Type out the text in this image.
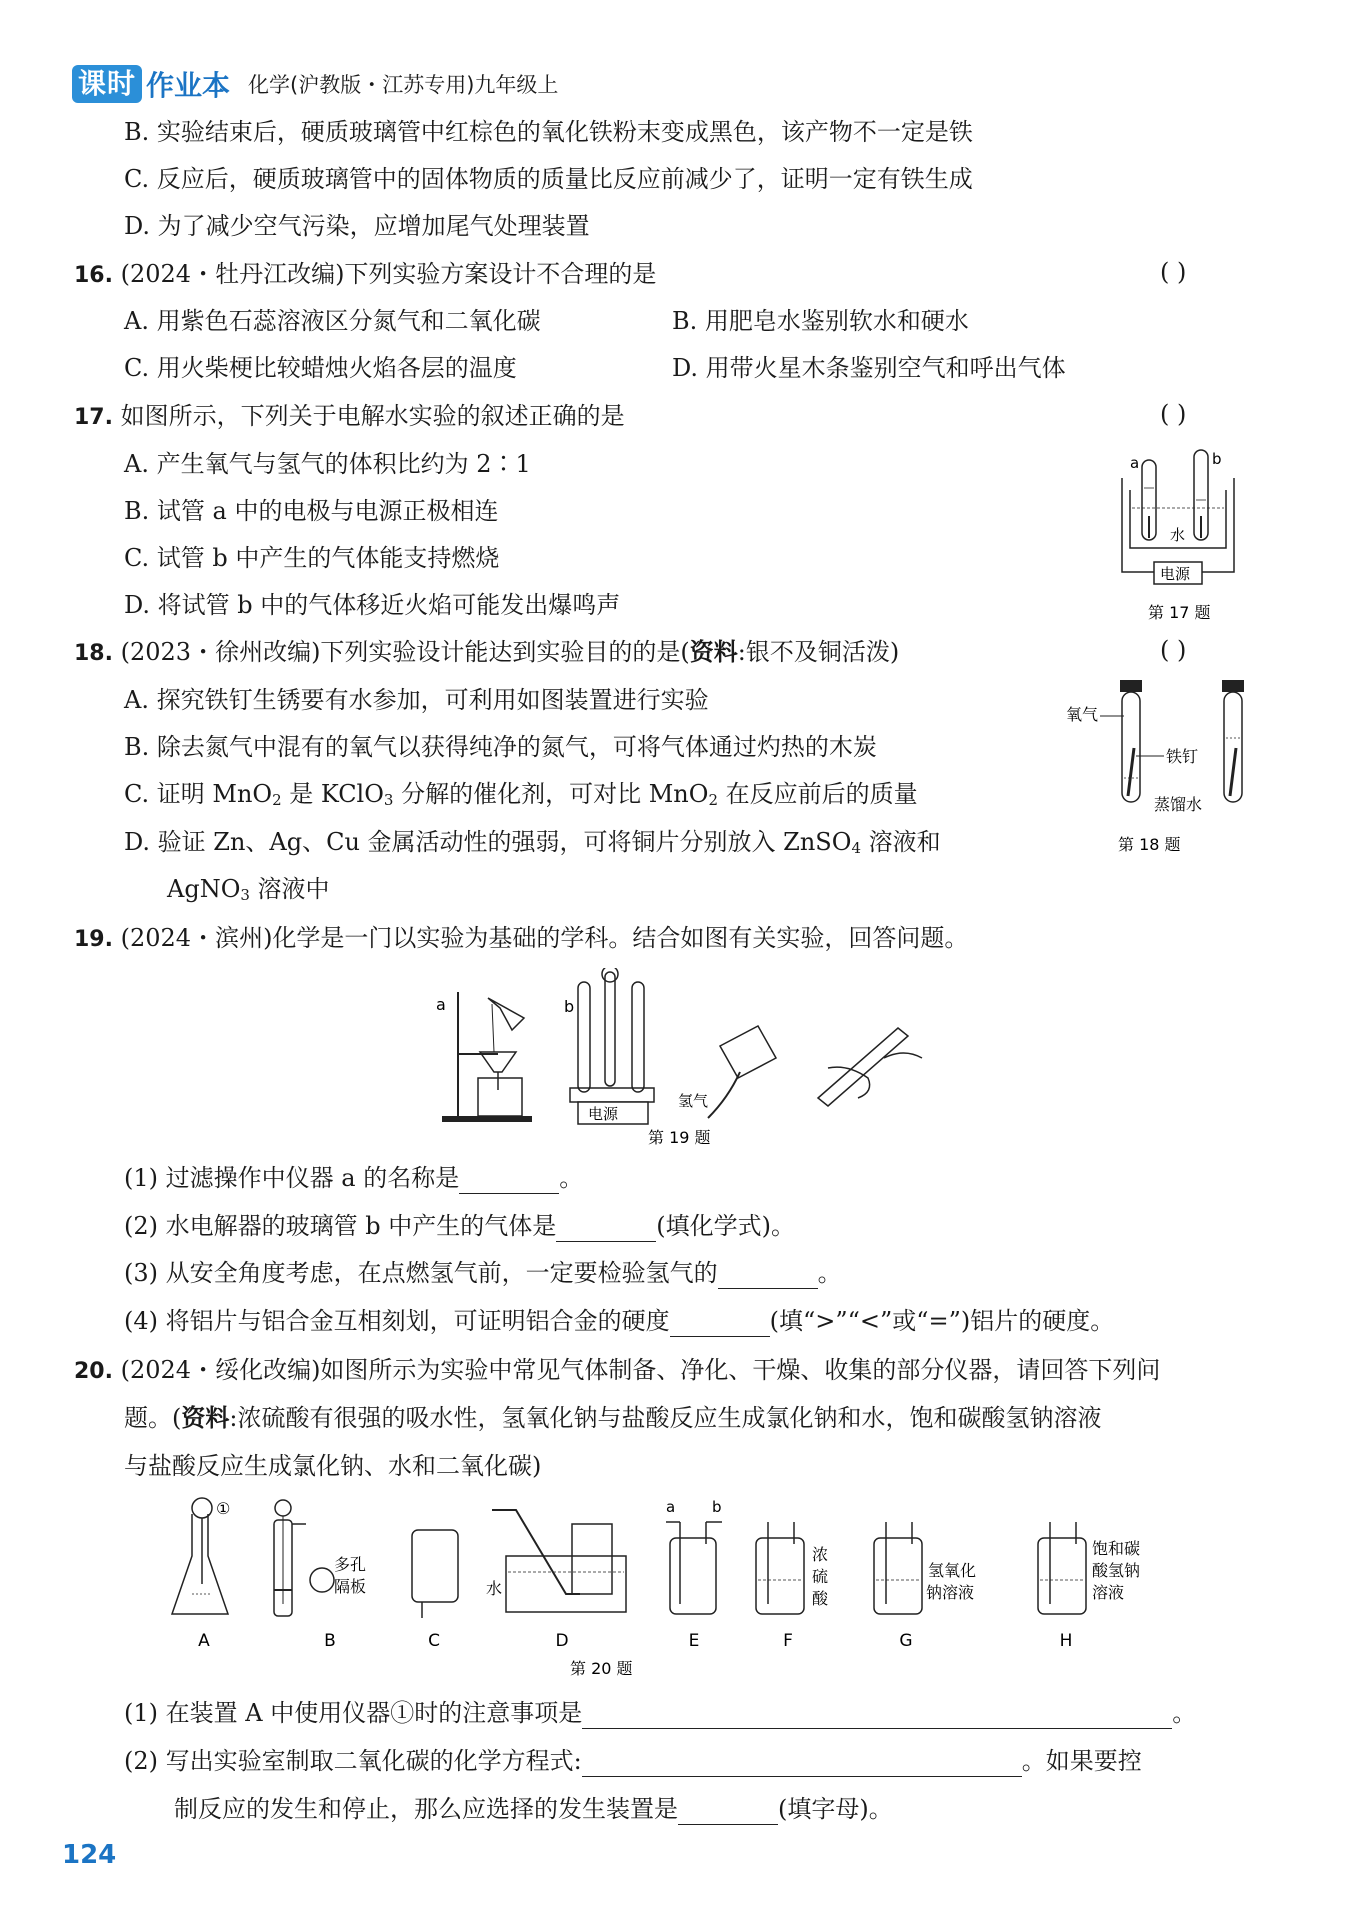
课时 作业本 化学(沪教版・江苏专用)九年级上
B. 实验结束后，硬质玻璃管中红棕色的氧化铁粉末变成黑色，该产物不一定是铁
C. 反应后，硬质玻璃管中的固体物质的质量比反应前减少了，证明一定有铁生成
D. 为了减少空气污染，应增加尾气处理装置
16. (2024・牡丹江改编)下列实验方案设计不合理的是	( )
A. 用紫色石蕊溶液区分氮气和二氧化碳	B. 用肥皂水鉴别软水和硬水
C. 用火柴梗比较蜡烛火焰各层的温度	D. 用带火星木条鉴别空气和呼出气体
17. 如图所示，下列关于电解水实验的叙述正确的是	( )
A. 产生氧气与氢气的体积比约为 2∶1
B. 试管 a 中的电极与电源正极相连
C. 试管 b 中产生的气体能支持燃烧
D. 将试管 b 中的气体移近火焰可能发出爆鸣声
a	b
水
电源
第 17 题
18. (2023・徐州改编)下列实验设计能达到实验目的的是(资料:银不及铜活泼)	( )
A. 探究铁钉生锈要有水参加，可利用如图装置进行实验
B. 除去氮气中混有的氧气以获得纯净的氮气，可将气体通过灼热的木炭
C. 证明 MnO$_2$ 是 KClO$_3$ 分解的催化剂，可对比 MnO$_2$ 在反应前后的质量
D. 验证 Zn、Ag、Cu 金属活动性的强弱，可将铜片分别放入 ZnSO$_4$ 溶液和
AgNO$_3$ 溶液中
氧气
铁钉
蒸馏水
第 18 题
19. (2024・滨州)化学是一门以实验为基础的学科。结合如图有关实验，回答问题。
a
电源
b
氢气
第 19 题
(1) 过滤操作中仪器 a 的名称是	。
(2) 水电解器的玻璃管 b 中产生的气体是	(填化学式)。
(3) 从安全角度考虑，在点燃氢气前，一定要检验氢气的	。
(4) 将铝片与铝合金互相刻划，可证明铝合金的硬度	(填“>”“<”或“=”)铝片的硬度。
20. (2024・绥化改编)如图所示为实验中常见气体制备、净化、干燥、收集的部分仪器，请回答下列问
题。(资料:浓硫酸有很强的吸水性，氢氧化钠与盐酸反应生成氯化钠和水，饱和碳酸氢钠溶液
与盐酸反应生成氯化钠、水和二氧化碳)
①
多孔
隔板	水
a b
浓
硫
酸
氢氧化
钠溶液
饱和碳
酸氢钠
溶液
A	B	C	D	E	F	G	H
第 20 题
(1) 在装置 A 中使用仪器①时的注意事项是	。
(2) 写出实验室制取二氧化碳的化学方程式:	。如果要控
制反应的发生和停止，那么应选择的发生装置是	(填字母)。
124
